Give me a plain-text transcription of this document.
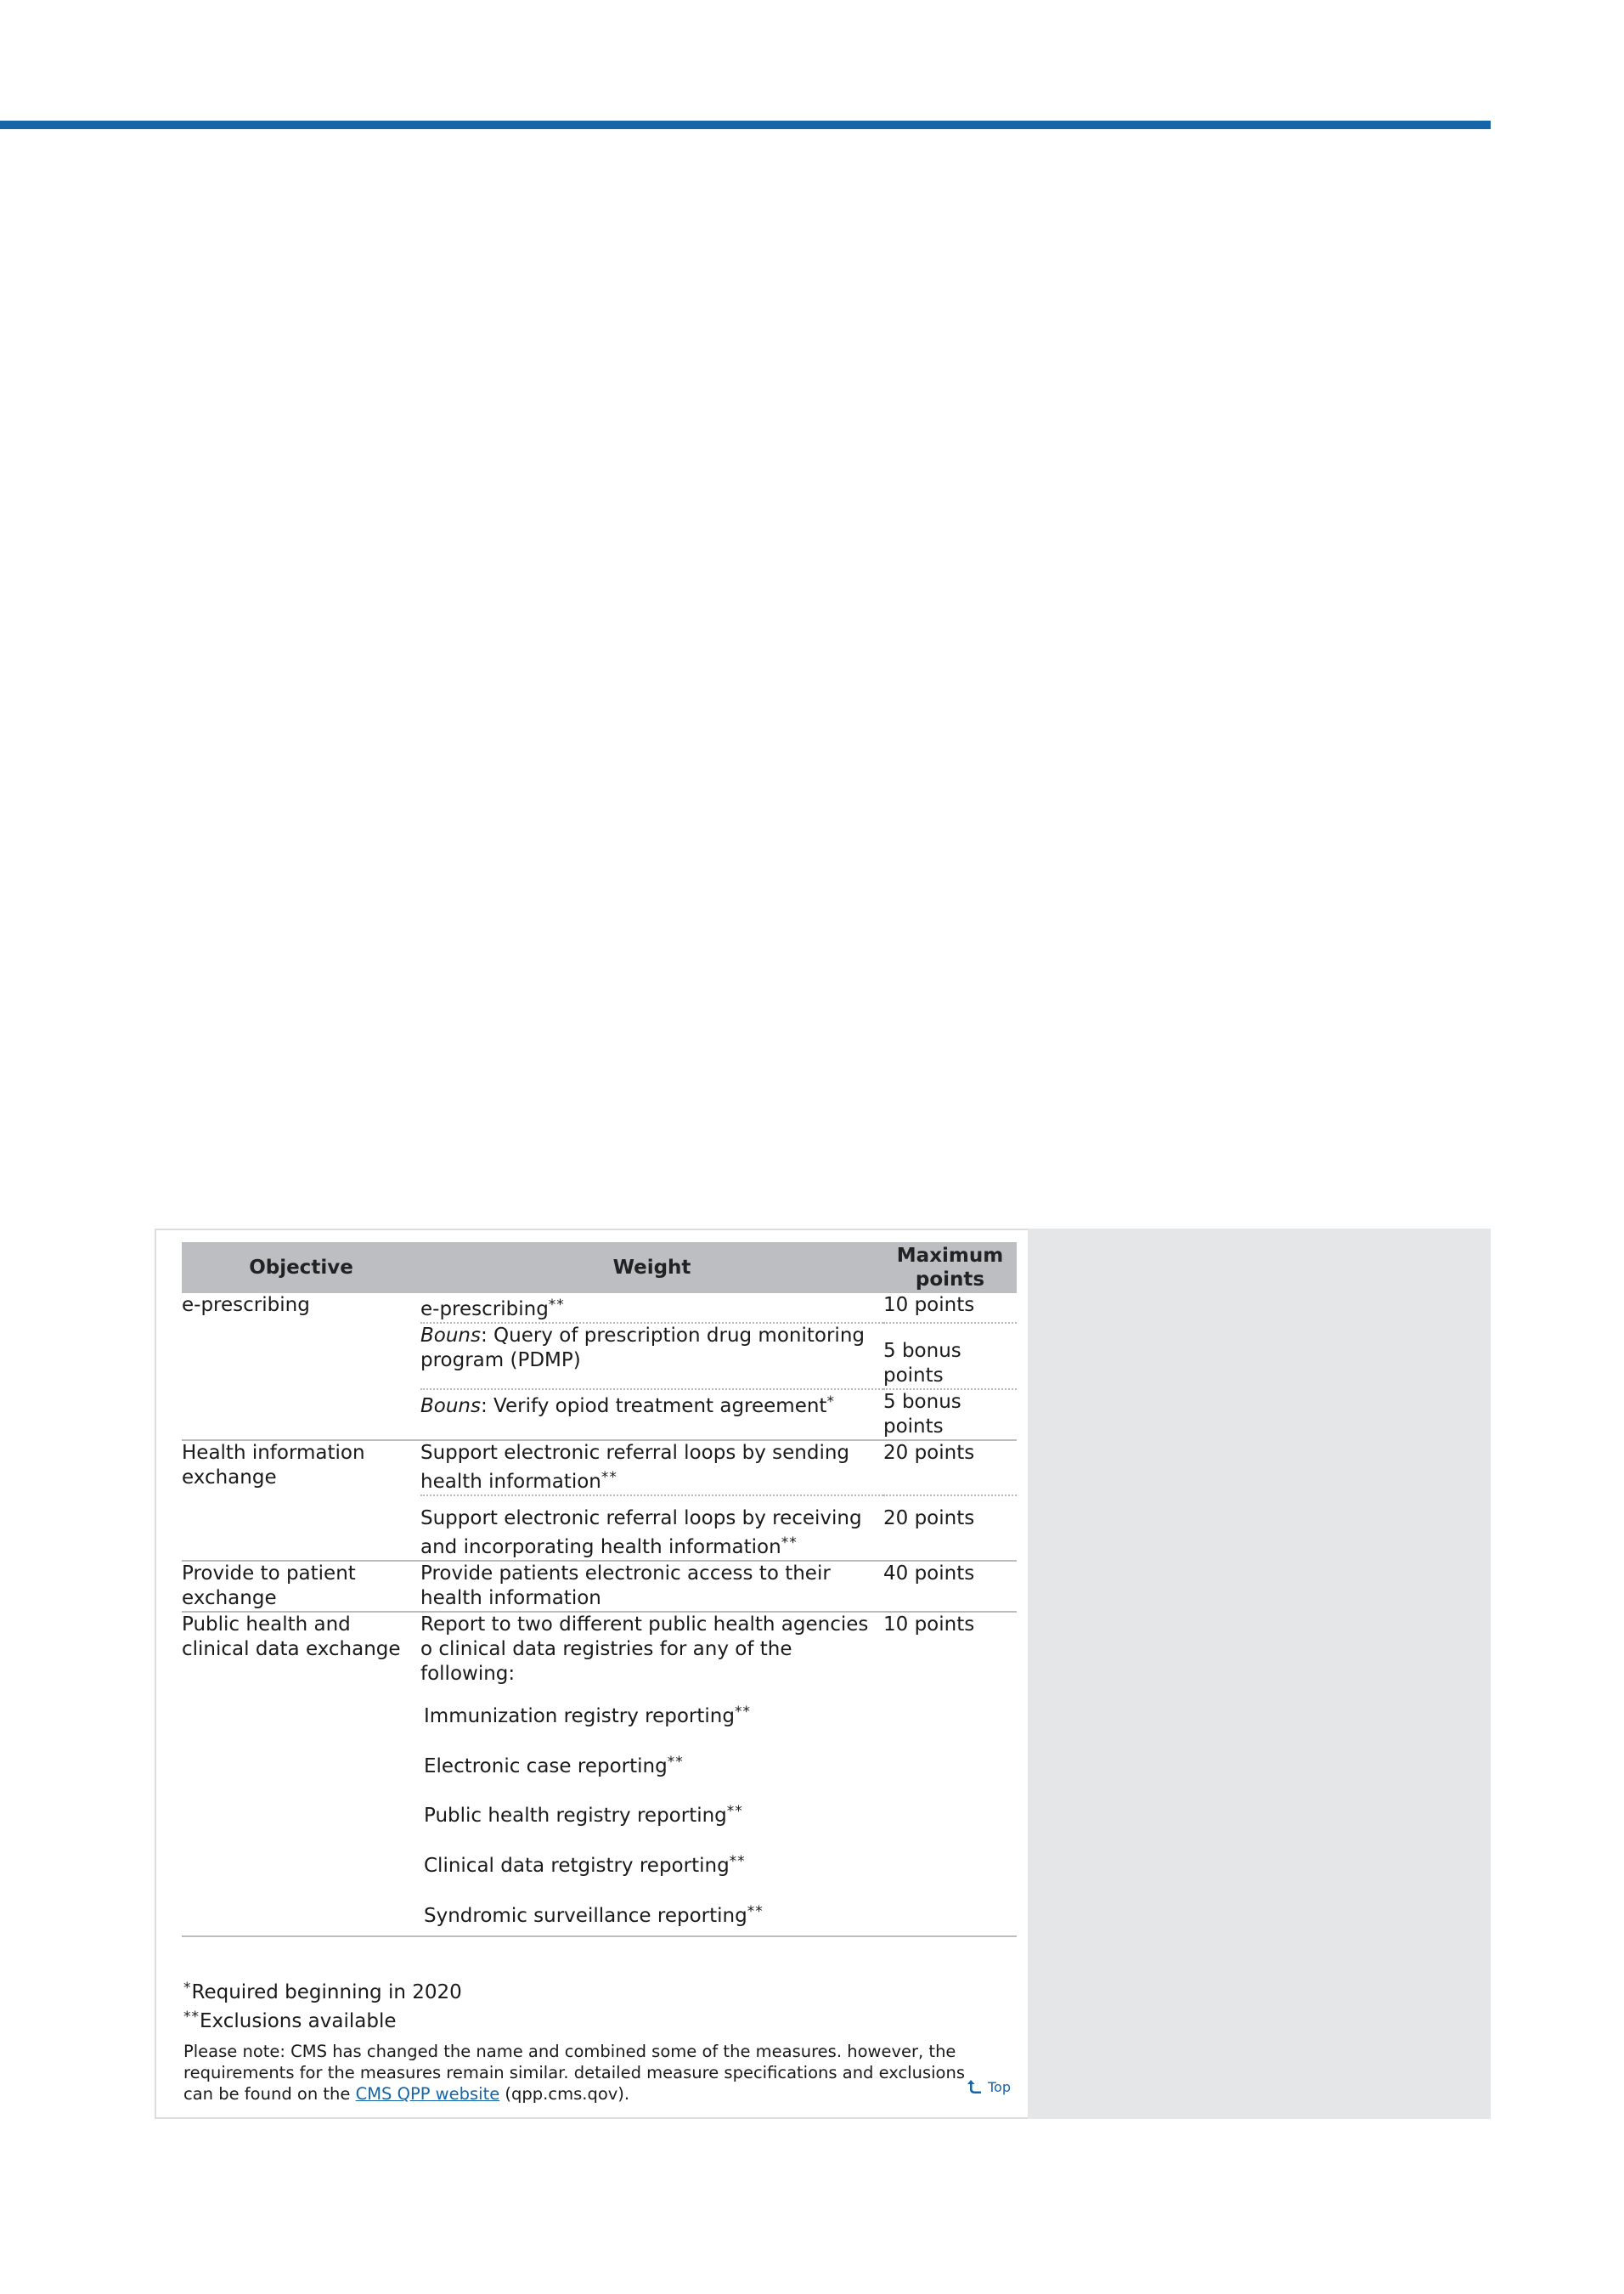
Objective	Weight	Maximum
points
e-prescribing	e-prescribing**	10 points
	Bouns: Query of prescription drug monitoring program (PDMP)	5 bonus points
	Bouns: Verify opiod treatment agreement*	5 bonus points
Health information exchange	Support electronic referral loops by sending health information**	20 points
	Support electronic referral loops by receiving and incorporating health information**	20 points
Provide to patient exchange	Provide patients electronic access to their health information	40 points
Public health and clinical data exchange	Report to two different public health agencies o clinical data registries for any of the following:	10 points
	Immunization registry reporting**
	Electronic case reporting**
	Public health registry reporting**
	Clinical data retgistry reporting**
	Syndromic surveillance reporting**
*Required beginning in 2020
**Exclusions available
Please note: CMS has changed the name and combined some of the measures. however, the requirements for the measures remain similar. detailed measure specifications and exclusions can be found on the CMS QPP website (qpp.cms.qov).	Top
